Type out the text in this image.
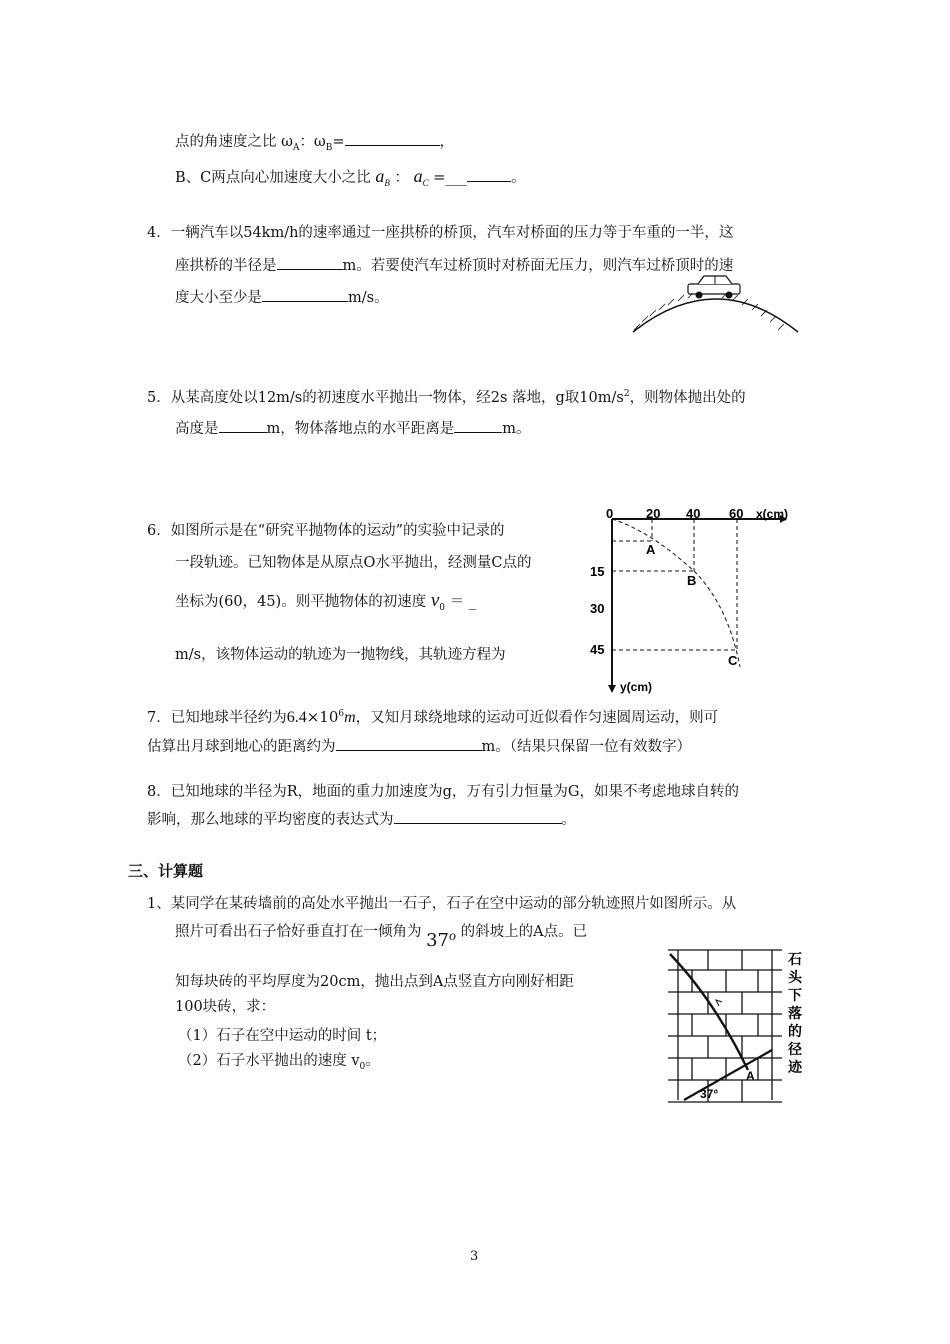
点的角速度之比 $\omega_A$：$\omega_B=$	，
B、C两点向心加速度大小之比 $a_B$ ： $a_C$ =___	。
4．一辆汽车以54km/h的速率通过一座拱桥的桥顶，汽车对桥面的压力等于车重的一半，这
座拱桥的半径是	m。若要使汽车过桥顶时对桥面无压力，则汽车过桥顶时的速
度大小至少是	m/s。
5．从某高度处以12m/s的初速度水平抛出一物体，经2s 落地，g取$10m/s^2$，则物体抛出处的
高度是	m，物体落地点的水平距离是	m。
6．如图所示是在“研究平抛物体的运动”的实验中记录的
一段轨迹。已知物体是从原点O水平抛出，经测量C点的
坐标为(60，45)。则平抛物体的初速度 $v_0$ ＝ _
m/s，该物体运动的轨迹为一抛物线，其轨迹方程为
0	20 40 60 x(cm)
15
30
45
y(cm)
A
B
C
7．已知地球半径约为$6.4\times 10^6m$，又知月球绕地球的运动可近似看作匀速圆周运动，则可
估算出月球到地心的距离约为	m。（结果只保留一位有效数字）
8．已知地球的半径为R，地面的重力加速度为g，万有引力恒量为G，如果不考虑地球自转的
影响，那么地球的平均密度的表达式为	。
三、计算题
1、某同学在某砖墙前的高处水平抛出一石子，石子在空中运动的部分轨迹照片如图所示。从
照片可看出石子恰好垂直打在一倾角为 37o 的斜坡上的A点。已
知每块砖的平均厚度为20cm，抛出点到A点竖直方向刚好相距
100块砖，求：
（1）石子在空中运动的时间 t；
（2）石子水平抛出的速度 $v_0$。
A
37°
石
头
下
落
的
径
迹
3
